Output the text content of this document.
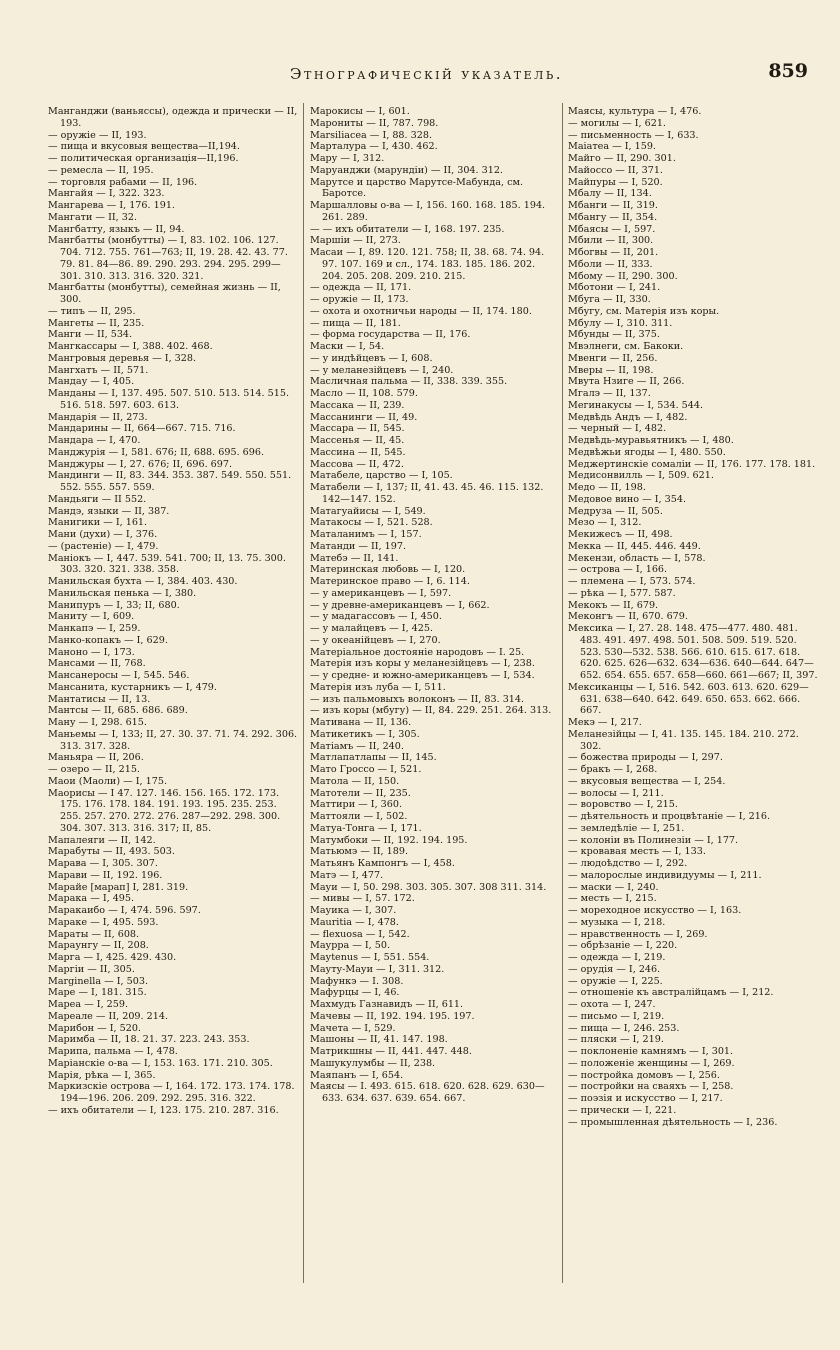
Этнографическій указатель.	859

Манганджи (ваньяссы), одежда и прически — II, 193.

— оружіе — II, 193.

— пища и вкусовыя вещества—II,194.

— политическая организація—II,196.

— ремесла — II, 195.

— торговля рабами — II, 196.

Мангайя — I, 322. 323.

Мангарева — I, 176. 191.

Мангати — II, 32.

Мангбатту, языкъ — II, 94.

Мангбатты (монбутты) — I, 83. 102. 106. 127. 704. 712. 755. 761—763; II, 19. 28. 42. 43. 77. 79. 81. 84—86. 89. 290. 293. 294. 295. 299—301. 310. 313. 316. 320. 321.

Мангбатты (монбутты), семейная жизнь — II, 300.

— типъ — II, 295.

Мангеты — II, 235.

Манги — II, 534.

Мангкассары — I, 388. 402. 468.

Мангровыя деревья — I, 328.

Мангхатъ — II, 571.

Мандау — I, 405.

Манданы — I, 137. 495. 507. 510. 513. 514. 515. 516. 518. 597. 603. 613.

Мандарія — II, 273.

Мандарины — II, 664—667. 715. 716.

Мандара — I, 470.

Манджурія — I, 581. 676; II, 688. 695. 696.

Манджуры — I, 27. 676; II, 696. 697.

Мандинги — II, 83. 344. 353. 387. 549. 550. 551. 552. 555. 557. 559.

Мандьяги — II 552.

Мандэ, языки — II, 387.

Манигики — I, 161.

Мани (духи) — I, 376.

— (растеніе) — I, 479.

Маніокъ — I, 447. 539. 541. 700; II, 13. 75. 300. 303. 320. 321. 338. 358.

Манильская бухта — I, 384. 403. 430.

Манильская пенька — I, 380.

Манипуръ — I, 33; II, 680.

Маниту — I, 609.

Манкапэ — I, 259.

Манко-копакъ — I, 629.

Маноно — I, 173.

Мансами — II, 768.

Мансанеросы — I, 545. 546.

Мансанита, кустарникъ — I, 479.

Мантатисы — II, 13.

Мантсы — II, 685. 686. 689.

Ману — I, 298. 615.

Маньемы — I, 133; II, 27. 30. 37. 71. 74. 292. 306. 313. 317. 328.

Маньяра — II, 206.

— озеро — II, 215.

Маои (Маоли) — I, 175.

Маорисы — I 47. 127. 146. 156. 165. 172. 173. 175. 176. 178. 184. 191. 193. 195. 235. 253. 255. 257. 270. 272. 276. 287—292. 298. 300. 304. 307. 313. 316. 317; II, 85.

Мапалеяги — II, 142.

Марабуты — II, 493. 503.

Марава — I, 305. 307.

Марави — II, 192. 196.

Марайе [марап] I, 281. 319.

Марака — I, 495.

Маракаибо — I, 474. 596. 597.

Мараке — I, 495. 593.

Мараты — II, 608.

Мараунгу — II, 208.

Марга — I, 425. 429. 430.

Маргіи — II, 305.

Marginella — I, 503.

Маре — I, 181. 315.

Мареа — I, 259.

Мареале — II, 209. 214.

Марибон — I, 520.

Маримба — II, 18. 21. 37. 223. 243. 353.

Марипа, пальма — I, 478.

Маріанскіе о-ва — I, 153. 163. 171. 210. 305.

Марія, рѣка — I, 365.

Маркизскіе острова — I, 164. 172. 173. 174. 178. 194—196. 206. 209. 292. 295. 316. 322.

— ихъ обитатели — I, 123. 175. 210. 287. 316.

Марокисы — I, 601.

Марониты — II, 787. 798.

Marsiliacea — I, 88. 328.

Марталура — I, 430. 462.

Мару — I, 312.

Маруанджи (марундіи) — II, 304. 312.

Марутсе и царство Марутсе-Мабунда, см. Баротсе.

Маршалловы о-ва — I, 156. 160. 168. 185. 194. 261. 289.

— — ихъ обитатели — I, 168. 197. 235.

Маршіи — II, 273.

Масаи — I, 89. 120. 121. 758; II, 38. 68. 74. 94. 97. 107. 169 и сл., 174. 183. 185. 186. 202. 204. 205. 208. 209. 210. 215.

— одежда — II, 171.

— оружіе — II, 173.

— охота и охотничьи народы — II, 174. 180.

— пища — II, 181.

— форма государства — II, 176.

Маски — I, 54.

— у индѣйцевъ — I, 608.

— у меланезійцевъ — I, 240.

Масличная пальма — II, 338. 339. 355.

Масло — II, 108. 579.

Масcака — II, 239.

Массанинги — II, 49.

Массара — II, 545.

Массенья — II, 45.

Массина — II, 545.

Массова — II, 472.

Матабеле, царство — I, 105.

Матабели — I, 137; II, 41. 43. 45. 46. 115. 132. 142—147. 152.

Матагуайисы — I, 549.

Матакосы — I, 521. 528.

Маталанимъ — I, 157.

Матанди — II, 197.

Матебэ — II, 141.

Материнская любовь — I, 120.

Материнское право — I, 6. 114.

— у американцевъ — I, 597.

— у древне-американцевъ — I, 662.

— у мадагассовъ — I, 450.

— у малайцевъ — I, 425.

— у океанійцевъ — I, 270.

Матеріальное достояніе народовъ — I. 25.

Матерія изъ коры у меланезійцевъ — I, 238.

— у средне- и южно-американцевъ — I, 534.

Матерія изъ луба — I, 511.

— изъ пальмовыхъ волоконъ — II, 83. 314.

— изъ коры (мбугу) — II, 84. 229. 251. 264. 313.

Мативана — II, 136.

Матикетикъ — I, 305.

Матіамъ — II, 240.

Матлапатлапы — II, 145.

Мато Гроссо — I, 521.

Матола — II, 150.

Матотели — II, 235.

Маттири — I, 360.

Маттояли — I, 502.

Матуа-Тонга — I, 171.

Матумбоки — II, 192. 194. 195.

Матьюмэ — II, 189.

Матьянъ Кампонгъ — I, 458.

Матэ — I, 477.

Мауи — I, 50. 298. 303. 305. 307. 308 311. 314.

— мивы — I, 57. 172.

Мауика — I, 307.

Mauritia — I, 478.

— flexuosa — I, 542.

Маурра — I, 50.

Мауtenus — I, 551. 554.

Мауту-Мауи — I, 311. 312.

Мафункэ — I. 308.

Мафурцы — I, 46.

Махмудъ Газнавидъ — II, 611.

Мачевы — II, 192. 194. 195. 197.

Мачета — I, 529.

Машоны — II, 41. 147. 198.

Матрикшны — II, 441. 447. 448.

Машукулумбы — II, 238.

Маяпанъ — I, 654.

Маясы — I. 493. 615. 618. 620. 628. 629. 630—633. 634. 637. 639. 654. 667.

Маясы, культура — I, 476.

— могилы — I, 621.

— письменность — I, 633.

Маіатеа — I, 159.

Майго — II, 290. 301.

Майоссо — II, 371.

Майпуры — I, 520.

Мбалу — II, 134.

Мбанги — II, 319.

Мбангу — II, 354.

Мбаясы — I, 597.

Мбили — II, 300.

Мбогвы — II, 201.

Мболи — II, 333.

Мбому — II, 290. 300.

Мботони — I, 241.

Мбуга — II, 330.

Мбугу, см. Матерія изъ коры.

Мбулу — I, 310. 311.

Мбунды — II, 375.

Мвэлнеги, см. Бакоки.

Мвенги — II, 256.

Мверы — II, 198.

Мвута Нзиге — II, 266.

Мгалэ — II, 137.

Мегинакусы — I, 534. 544.

Медвѣдь Андъ — I, 482.

— черный — I, 482.

Медвѣдь-муравьятникъ — I, 480.

Медвѣжьи ягоды — I, 480. 550.

Меджертинскіе сомаліи — II, 176. 177. 178. 181.

Медисонвилль — I, 509. 621.

Медо — II, 198.

Медовое вино — I, 354.

Медруза — II, 505.

Мезо — I, 312.

Мекижесъ — II, 498.

Мекка — II, 445. 446. 449.

Мекензи, область — I, 578.

— острова — I, 166.

— племена — I, 573. 574.

— рѣка — I, 577. 587.

Мекокъ — II, 679.

Меконгъ — II, 670. 679.

Мексика — I, 27. 28. 148. 475—477. 480. 481. 483. 491. 497. 498. 501. 508. 509. 519. 520. 523. 530—532. 538. 566. 610. 615. 617. 618. 620. 625. 626—632. 634—636. 640—644. 647—652. 654. 655. 657. 658—660. 661—667; II, 397.

Мексиканцы — I, 516. 542. 603. 613. 620. 629—631. 638—640. 642. 649. 650. 653. 662. 666. 667.

Мекэ — I, 217.

Меланезійцы — I, 41. 135. 145. 184. 210. 272. 302.

— божества природы — I, 297.

— бракъ — I, 268.

— вкусовыя вещества — I, 254.

— волосы — I, 211.

— воровство — I, 215.

— дѣятельность и процвѣтаніе — I, 216.

— земледѣліе — I, 251.

— колоніи въ Полинезіи — I, 177.

— кровавая месть — I, 133.

— людоѣдство — I, 292.

— малорослые индивидуумы — I, 211.

— маски — I, 240.

— месть — I, 215.

— мореходное искусство — I, 163.

— музыка — I, 218.

— нравственность — I, 269.

— обрѣзаніе — I, 220.

— одежда — I, 219.

— орудія — I, 246.

— оружіе — I, 225.

— отношеніе къ австралійцамъ — I, 212.

— охота — I, 247.

— письмо — I, 219.

— пища — I, 246. 253.

— пляски — I, 219.

— поклоненіе камнямъ — I, 301.

— положеніе женщины — I, 269.

— постройка домовъ — I, 256.

— постройки на сваяхъ — I, 258.

— поэзія и искусство — I, 217.

— прически — I, 221.

— промышленная дѣятельность — I, 236.
